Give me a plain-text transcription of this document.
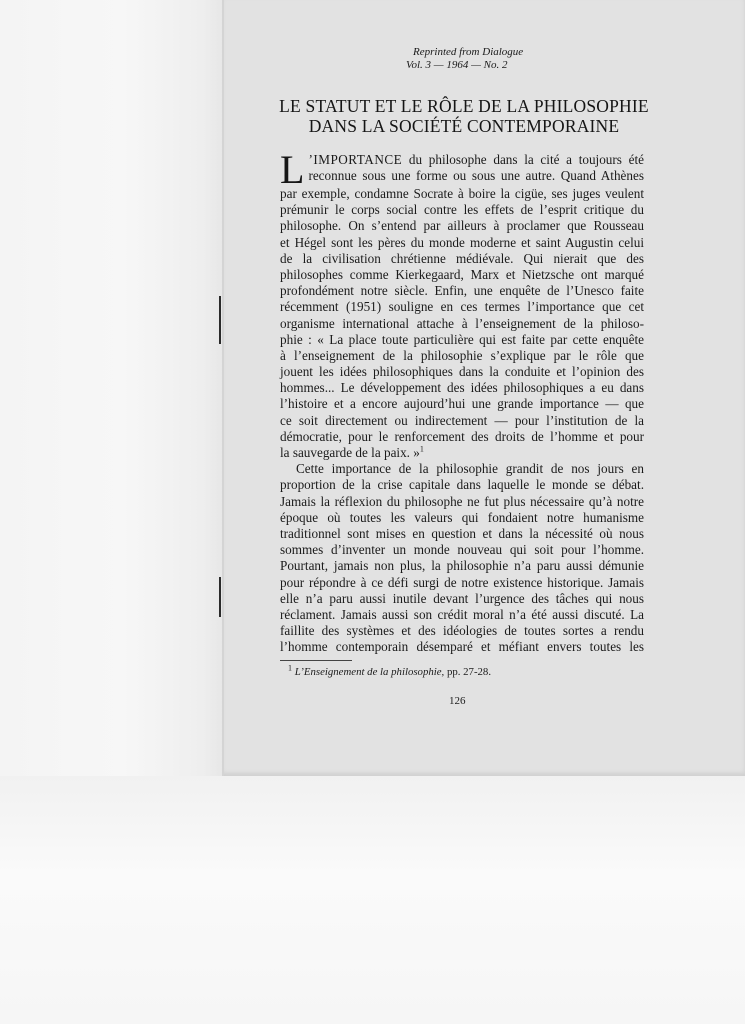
Reprinted from Dialogue
Vol. 3 — 1964 — No. 2
LE STATUT ET LE RÔLE DE LA PHILOSOPHIE
DANS LA SOCIÉTÉ CONTEMPORAINE
L ’IMPORTANCE du philosophe dans la cité a toujours été
reconnue sous une forme ou sous une autre. Quand Athènes
par exemple, condamne Socrate à boire la cigüe, ses juges veulent
prémunir le corps social contre les effets de l’esprit critique du
philosophe. On s’entend par ailleurs à proclamer que Rousseau
et Hégel sont les pères du monde moderne et saint Augustin celui
de la civilisation chrétienne médiévale. Qui nierait que des
philosophes comme Kierkegaard, Marx et Nietzsche ont marqué
profondément notre siècle. Enfin, une enquête de l’Unesco faite
récemment (1951) souligne en ces termes l’importance que cet
organisme international attache à l’enseignement de la philoso-
phie : « La place toute particulière qui est faite par cette enquête
à l’enseignement de la philosophie s’explique par le rôle que
jouent les idées philosophiques dans la conduite et l’opinion des
hommes... Le développement des idées philosophiques a eu dans
l’histoire et a encore aujourd’hui une grande importance — que
ce soit directement ou indirectement — pour l’institution de la
démocratie, pour le renforcement des droits de l’homme et pour
la sauvegarde de la paix. »$^1$
Cette importance de la philosophie grandit de nos jours en
proportion de la crise capitale dans laquelle le monde se débat.
Jamais la réflexion du philosophe ne fut plus nécessaire qu’à notre
époque où toutes les valeurs qui fondaient notre humanisme
traditionnel sont mises en question et dans la nécessité où nous
sommes d’inventer un monde nouveau qui soit pour l’homme.
Pourtant, jamais non plus, la philosophie n’a paru aussi démunie
pour répondre à ce défi surgi de notre existence historique. Jamais
elle n’a paru aussi inutile devant l’urgence des tâches qui nous
réclament. Jamais aussi son crédit moral n’a été aussi discuté. La
faillite des systèmes et des idéologies de toutes sortes a rendu
l’homme contemporain désemparé et méfiant envers toutes les
$^1$ L’Enseignement de la philosophie, pp. 27-28.
126
